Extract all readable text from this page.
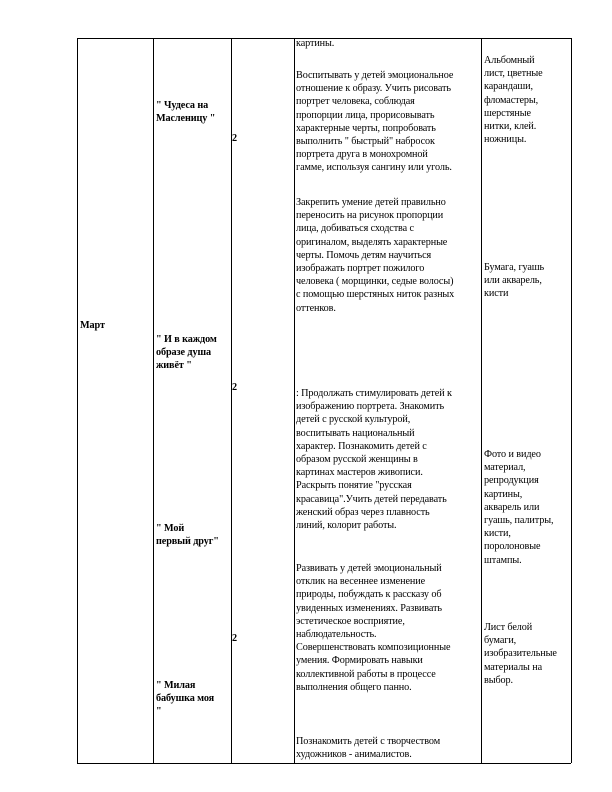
Март
" Чудеса на
Масленицу "
" И в каждом
образе душа
живёт "
" Мой
первый друг"
" Милая
бабушка моя
"
2
2
2
картины.
Воспитывать у детей эмоциональное
отношение к образу. Учить рисовать
портрет человека, соблюдая
пропорции лица, прорисовывать
характерные черты, попробовать
выполнить " быстрый" набросок
портрета друга в монохромной
гамме, используя сангину или уголь.
Закрепить умение детей правильно
переносить на рисунок пропорции
лица, добиваться сходства с
оригиналом, выделять характерные
черты. Помочь детям научиться
изображать портрет пожилого
человека ( морщинки, седые волосы)
с помощью шерстяных ниток разных
оттенков.
: Продолжать стимулировать детей к
изображению портрета. Знакомить
детей с русской культурой,
воспитывать национальный
характер. Познакомить детей с
образом русской женщины в
картинах мастеров живописи.
Раскрыть понятие "русская
красавица".Учить детей передавать
женский образ через плавность
линий, колорит работы.
Развивать у детей эмоциональный
отклик на весеннее изменение
природы, побуждать к рассказу об
увиденных изменениях. Развивать
эстетическое восприятие,
наблюдательность.
Совершенствовать композиционные
умения. Формировать навыки
коллективной работы в процессе
выполнения общего панно.
Познакомить детей с творчеством
художников - анималистов.
Альбомный
лист, цветные
карандаши,
фломастеры,
шерстяные
нитки, клей.
ножницы.
Бумага, гуашь
или акварель,
кисти
Фото и видео
материал,
репродукция
картины,
акварель или
гуашь, палитры,
кисти,
поролоновые
штампы.
Лист белой
бумаги,
изобразительные
материалы на
выбор.
